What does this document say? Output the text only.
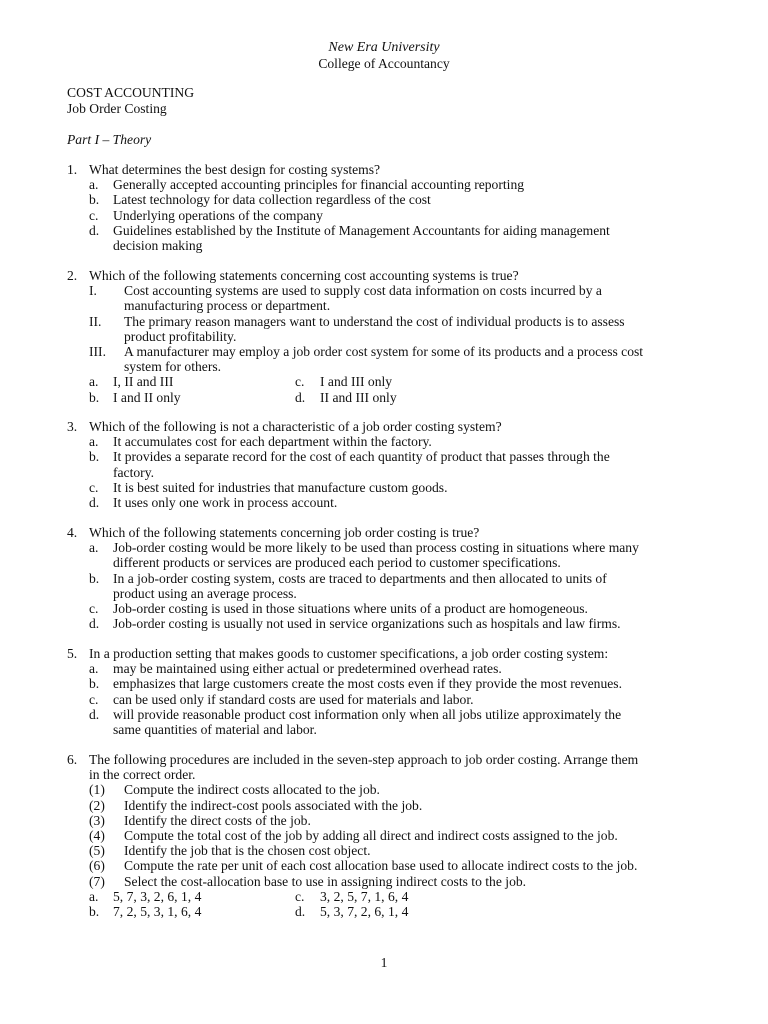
New Era University
College of Accountancy
COST ACCOUNTING
Job Order Costing
Part I – Theory
1. What determines the best design for costing systems?
a. Generally accepted accounting principles for financial accounting reporting
b. Latest technology for data collection regardless of the cost
c. Underlying operations of the company
d. Guidelines established by the Institute of Management Accountants for aiding management
decision making
2. Which of the following statements concerning cost accounting systems is true?
I. Cost accounting systems are used to supply cost data information on costs incurred by a
manufacturing process or department.
II. The primary reason managers want to understand the cost of individual products is to assess
product profitability.
III. A manufacturer may employ a job order cost system for some of its products and a process cost
system for others.
a. I, II and III	c. I and III only
b. I and II only	d. II and III only
3. Which of the following is not a characteristic of a job order costing system?
a. It accumulates cost for each department within the factory.
b. It provides a separate record for the cost of each quantity of product that passes through the
factory.
c. It is best suited for industries that manufacture custom goods.
d. It uses only one work in process account.
4. Which of the following statements concerning job order costing is true?
a. Job-order costing would be more likely to be used than process costing in situations where many
different products or services are produced each period to customer specifications.
b. In a job-order costing system, costs are traced to departments and then allocated to units of
product using an average process.
c. Job-order costing is used in those situations where units of a product are homogeneous.
d. Job-order costing is usually not used in service organizations such as hospitals and law firms.
5. In a production setting that makes goods to customer specifications, a job order costing system:
a. may be maintained using either actual or predetermined overhead rates.
b. emphasizes that large customers create the most costs even if they provide the most revenues.
c. can be used only if standard costs are used for materials and labor.
d. will provide reasonable product cost information only when all jobs utilize approximately the
same quantities of material and labor.
6. The following procedures are included in the seven-step approach to job order costing. Arrange them
in the correct order.
(1) Compute the indirect costs allocated to the job.
(2) Identify the indirect-cost pools associated with the job.
(3) Identify the direct costs of the job.
(4) Compute the total cost of the job by adding all direct and indirect costs assigned to the job.
(5) Identify the job that is the chosen cost object.
(6) Compute the rate per unit of each cost allocation base used to allocate indirect costs to the job.
(7) Select the cost-allocation base to use in assigning indirect costs to the job.
a. 5, 7, 3, 2, 6, 1, 4	c. 3, 2, 5, 7, 1, 6, 4
b. 7, 2, 5, 3, 1, 6, 4	d. 5, 3, 7, 2, 6, 1, 4
1
